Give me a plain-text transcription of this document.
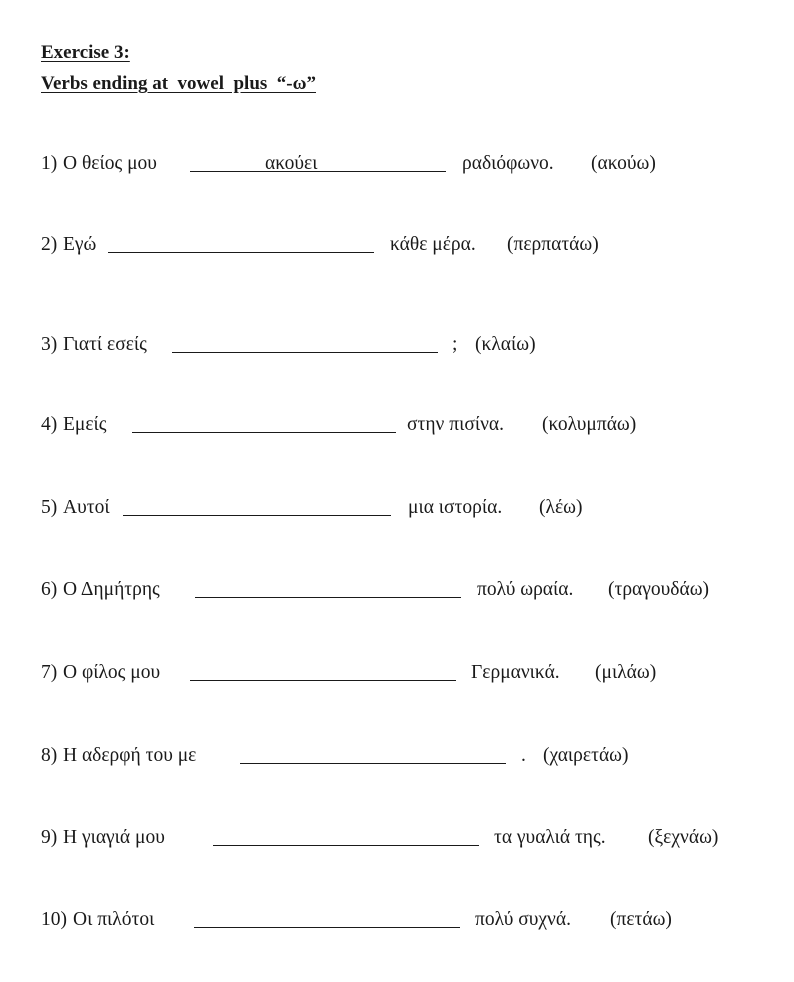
Exercise 3:
Verbs ending at  vowel  plus  “-ω”
1) Ο θείος μου	ακούει	ραδιόφωνο. (ακούω)
2) Εγώ	κάθε μέρα. (περπατάω)
3) Γιατί εσείς	; (κλαίω)
4) Εμείς	στην πισίνα. (κολυμπάω)
5) Αυτοί	μια ιστορία. (λέω)
6) Ο Δημήτρης	πολύ ωραία. (τραγουδάω)
7) Ο φίλος μου	Γερμανικά. (μιλάω)
8) Η αδερφή του με	. (χαιρετάω)
9) Η γιαγιά μου	τα γυαλιά της. (ξεχνάω)
10) Οι πιλότοι	πολύ συχνά. (πετάω)
